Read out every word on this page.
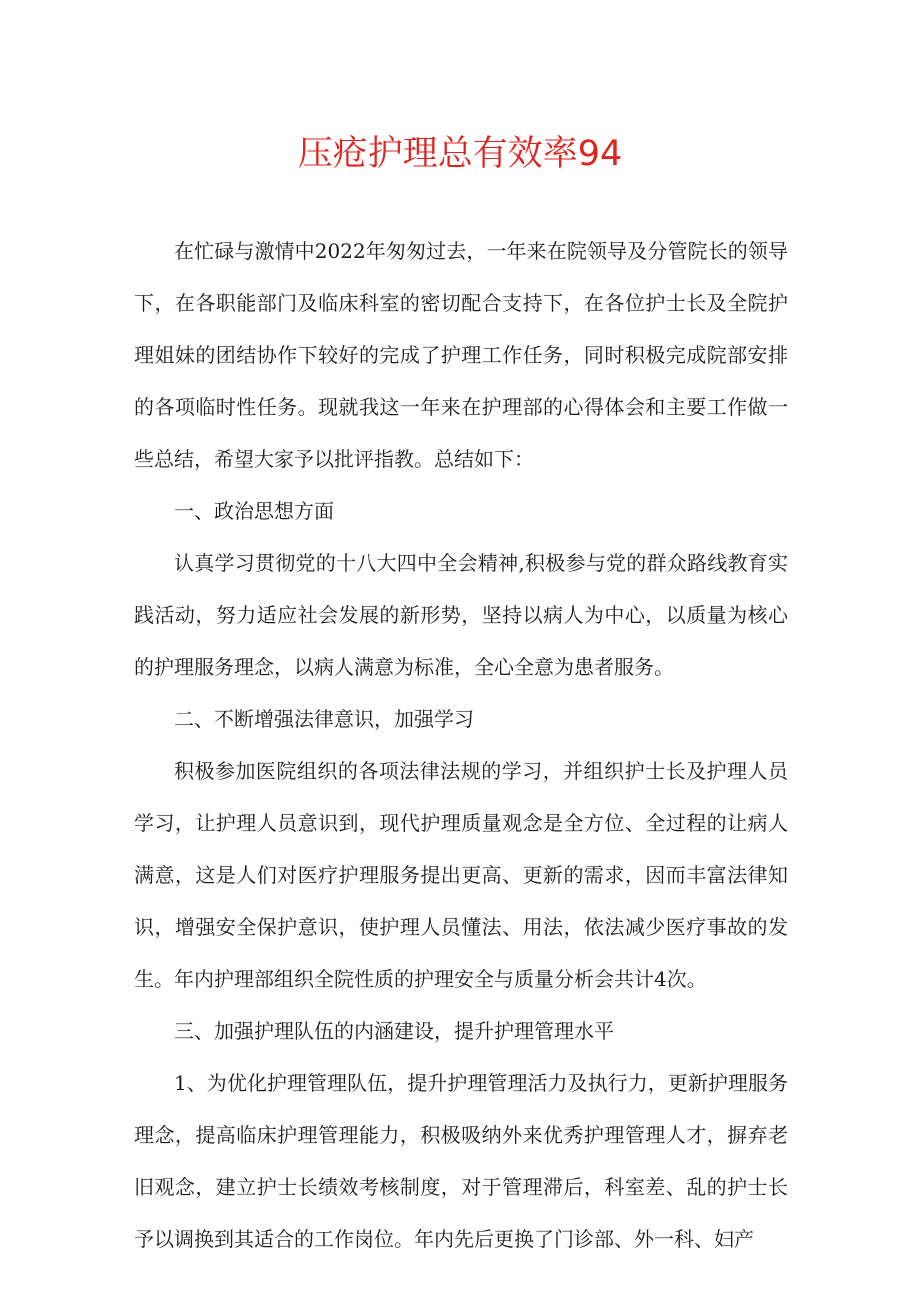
压疮护理总有效率94

在忙碌与激情中2022年匆匆过去，一年来在院领导及分管院长的领导下，在各职能部门及临床科室的密切配合支持下，在各位护士长及全院护理姐妹的团结协作下较好的完成了护理工作任务，同时积极完成院部安排的各项临时性任务。现就我这一年来在护理部的心得体会和主要工作做一些总结，希望大家予以批评指教。总结如下：

一、政治思想方面

认真学习贯彻党的十八大四中全会精神,积极参与党的群众路线教育实践活动，努力适应社会发展的新形势，坚持以病人为中心，以质量为核心的护理服务理念，以病人满意为标准，全心全意为患者服务。

二、不断增强法律意识，加强学习

积极参加医院组织的各项法律法规的学习，并组织护士长及护理人员学习，让护理人员意识到，现代护理质量观念是全方位、全过程的让病人满意，这是人们对医疗护理服务提出更高、更新的需求，因而丰富法律知识，增强安全保护意识，使护理人员懂法、用法，依法减少医疗事故的发生。年内护理部组织全院性质的护理安全与质量分析会共计4次。

三、加强护理队伍的内涵建设，提升护理管理水平

1、为优化护理管理队伍，提升护理管理活力及执行力，更新护理服务理念，提高临床护理管理能力，积极吸纳外来优秀护理管理人才，摒弃老旧观念，建立护士长绩效考核制度，对于管理滞后，科室差、乱的护士长予以调换到其适合的工作岗位。年内先后更换了门诊部、外一科、妇产
